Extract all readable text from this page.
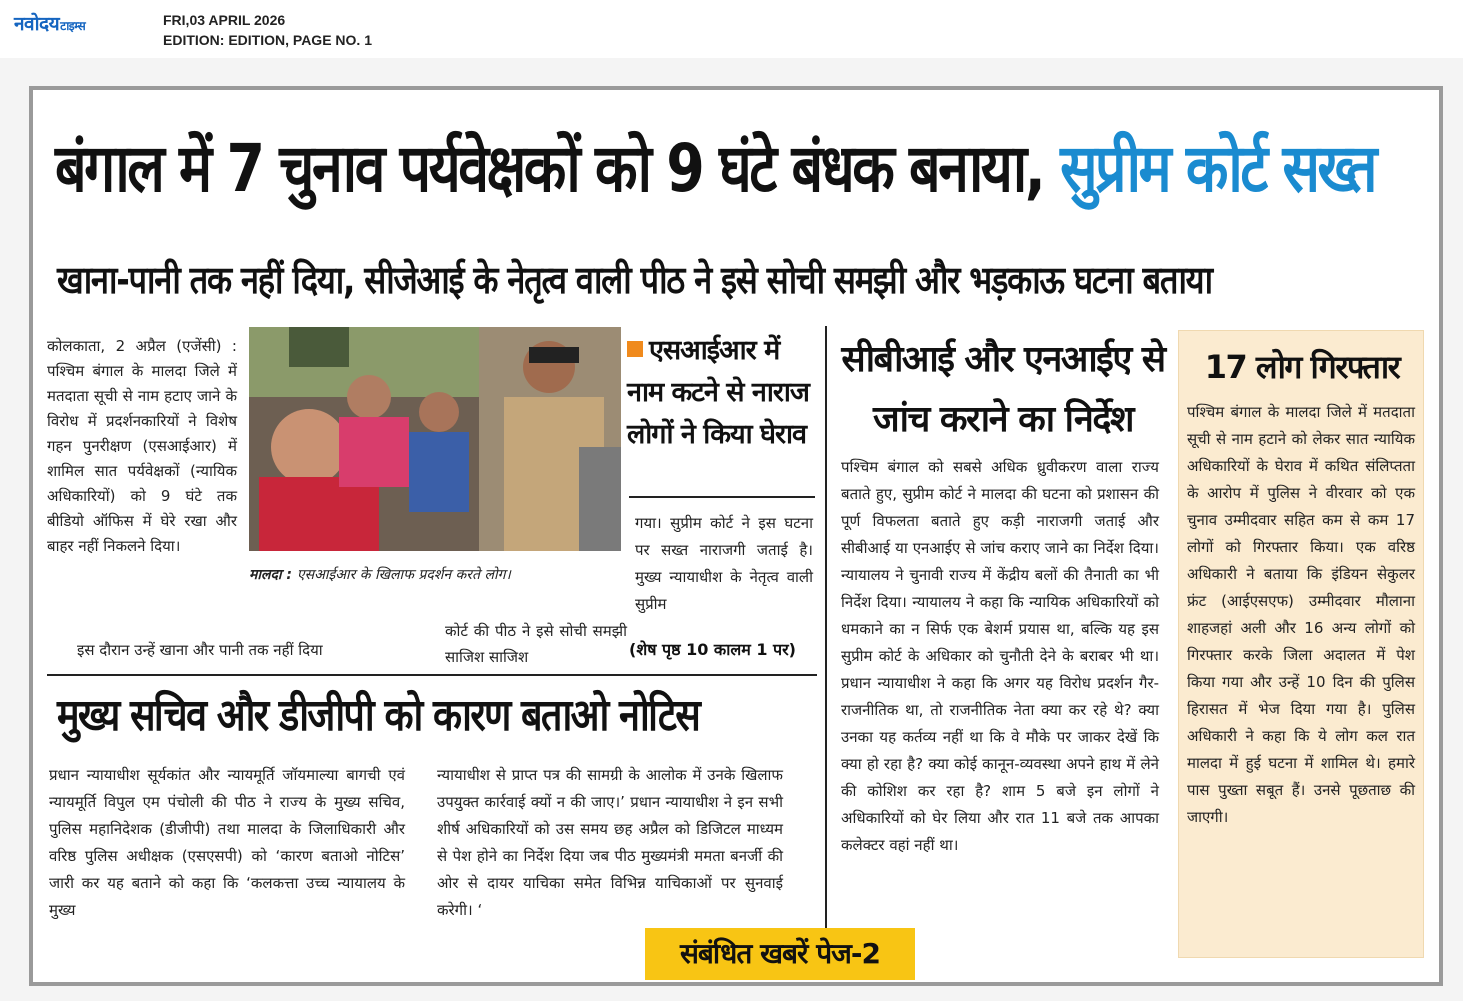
नवोदयटाइम्स	FRI,03 APRIL 2026
EDITION: EDITION, PAGE NO. 1
बंगाल में 7 चुनाव पर्यवेक्षकों को 9 घंटे बंधक बनाया, सुप्रीम कोर्ट सख्त
खाना-पानी तक नहीं दिया, सीजेआई के नेतृत्व वाली पीठ ने इसे सोची समझी और भड़काऊ घटना बताया
कोलकाता, 2 अप्रैल (एजेंसी) : पश्चिम बंगाल के मालदा जिले में मतदाता सूची से नाम हटाए जाने के विरोध में प्रदर्शनकारियों ने विशेष गहन पुनरीक्षण (एसआईआर) में शामिल सात पर्यवेक्षकों (न्यायिक अधिकारियों) को 9 घंटे तक बीडियो ऑफिस में घेरे रखा और बाहर नहीं निकलने दिया।
इस दौरान उन्हें खाना और पानी तक नहीं दिया
मालदा : एसआईआर के खिलाफ प्रदर्शन करते लोग।
एसआईआर में नाम कटने से नाराज लोगों ने किया घेराव
गया। सुप्रीम कोर्ट ने इस घटना पर सख्त नाराजगी जताई है। मुख्य न्यायाधीश के नेतृत्व वाली सुप्रीम
कोर्ट की पीठ ने इसे सोची समझी साजिश साजिश	(शेष पृष्ठ 10 कालम 1 पर)
मुख्य सचिव और डीजीपी को कारण बताओ नोटिस
प्रधान न्यायाधीश सूर्यकांत और न्यायमूर्ति जॉयमाल्या बागची एवं न्यायमूर्ति विपुल एम पंचोली की पीठ ने राज्य के मुख्य सचिव, पुलिस महानिदेशक (डीजीपी) तथा मालदा के जिलाधिकारी और वरिष्ठ पुलिस अधीक्षक (एसएसपी) को ‘कारण बताओ नोटिस’ जारी कर यह बताने को कहा कि ‘कलकत्ता उच्च न्यायालय के मुख्य
न्यायाधीश से प्राप्त पत्र की सामग्री के आलोक में उनके खिलाफ उपयुक्त कार्रवाई क्यों न की जाए।’ प्रधान न्यायाधीश ने इन सभी शीर्ष अधिकारियों को उस समय छह अप्रैल को डिजिटल माध्यम से पेश होने का निर्देश दिया जब पीठ मुख्यमंत्री ममता बनर्जी की ओर से दायर याचिका समेत विभिन्न याचिकाओं पर सुनवाई करेगी। ‘
सीबीआई और एनआईए से जांच कराने का निर्देश
पश्चिम बंगाल को सबसे अधिक ध्रुवीकरण वाला राज्य बताते हुए, सुप्रीम कोर्ट ने मालदा की घटना को प्रशासन की पूर्ण विफलता बताते हुए कड़ी नाराजगी जताई और सीबीआई या एनआईए से जांच कराए जाने का निर्देश दिया। न्यायालय ने चुनावी राज्य में केंद्रीय बलों की तैनाती का भी निर्देश दिया। न्यायालय ने कहा कि न्यायिक अधिकारियों को धमकाने का न सिर्फ एक बेशर्म प्रयास था, बल्कि यह इस सुप्रीम कोर्ट के अधिकार को चुनौती देने के बराबर भी था। प्रधान न्यायाधीश ने कहा कि अगर यह विरोध प्रदर्शन गैर-राजनीतिक था, तो राजनीतिक नेता क्या कर रहे थे? क्या उनका यह कर्तव्य नहीं था कि वे मौके पर जाकर देखें कि क्या हो रहा है? क्या कोई कानून-व्यवस्था अपने हाथ में लेने की कोशिश कर रहा है? शाम 5 बजे इन लोगों ने अधिकारियों को घेर लिया और रात 11 बजे तक आपका कलेक्टर वहां नहीं था।
17 लोग गिरफ्तार
पश्चिम बंगाल के मालदा जिले में मतदाता सूची से नाम हटाने को लेकर सात न्यायिक अधिकारियों के घेराव में कथित संलिप्तता के आरोप में पुलिस ने वीरवार को एक चुनाव उम्मीदवार सहित कम से कम 17 लोगों को गिरफ्तार किया। एक वरिष्ठ अधिकारी ने बताया कि इंडियन सेकुलर फ्रंट (आईएसएफ) उम्मीदवार मौलाना शाहजहां अली और 16 अन्य लोगों को गिरफ्तार करके जिला अदालत में पेश किया गया और उन्हें 10 दिन की पुलिस हिरासत में भेज दिया गया है। पुलिस अधिकारी ने कहा कि ये लोग कल रात मालदा में हुई घटना में शामिल थे। हमारे पास पुख्ता सबूत हैं। उनसे पूछताछ की जाएगी।
संबंधित खबरें पेज-2
